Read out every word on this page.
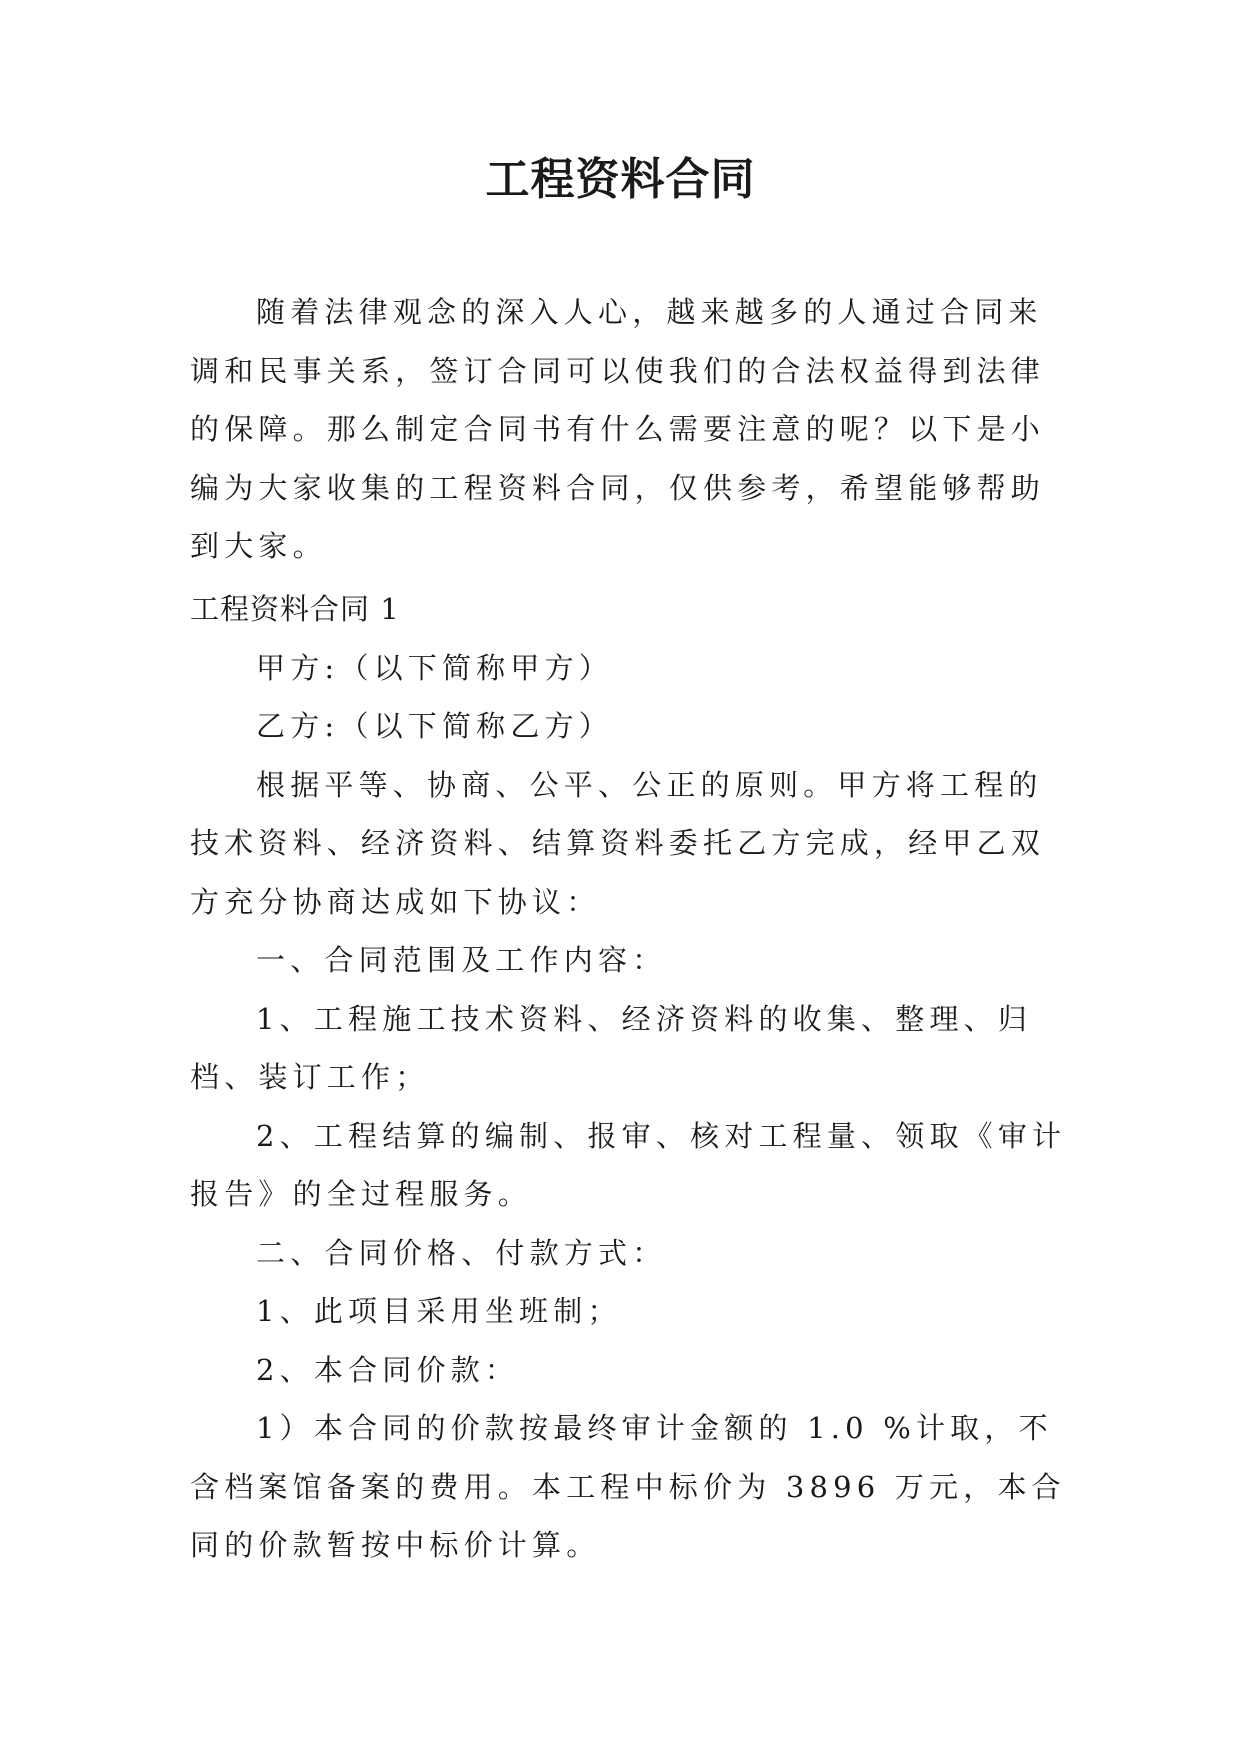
工程资料合同

随着法律观念的深入人心，越来越多的人通过合同来调和民事关系，签订合同可以使我们的合法权益得到法律的保障。那么制定合同书有什么需要注意的呢？以下是小编为大家收集的工程资料合同，仅供参考，希望能够帮助到大家。

工程资料合同 1

甲方:（以下简称甲方）

乙方:（以下简称乙方）

根据平等、协商、公平、公正的原则。甲方将工程的技术资料、经济资料、结算资料委托乙方完成，经甲乙双方充分协商达成如下协议：

一、合同范围及工作内容：

1、工程施工技术资料、经济资料的收集、整理、归档、装订工作；

2、工程结算的编制、报审、核对工程量、领取《审计报告》的全过程服务。

二、合同价格、付款方式：

1、此项目采用坐班制；

2、本合同价款：

1）本合同的价款按最终审计金额的 1.0 %计取，不含档案馆备案的费用。本工程中标价为 3896 万元，本合同的价款暂按中标价计算。
